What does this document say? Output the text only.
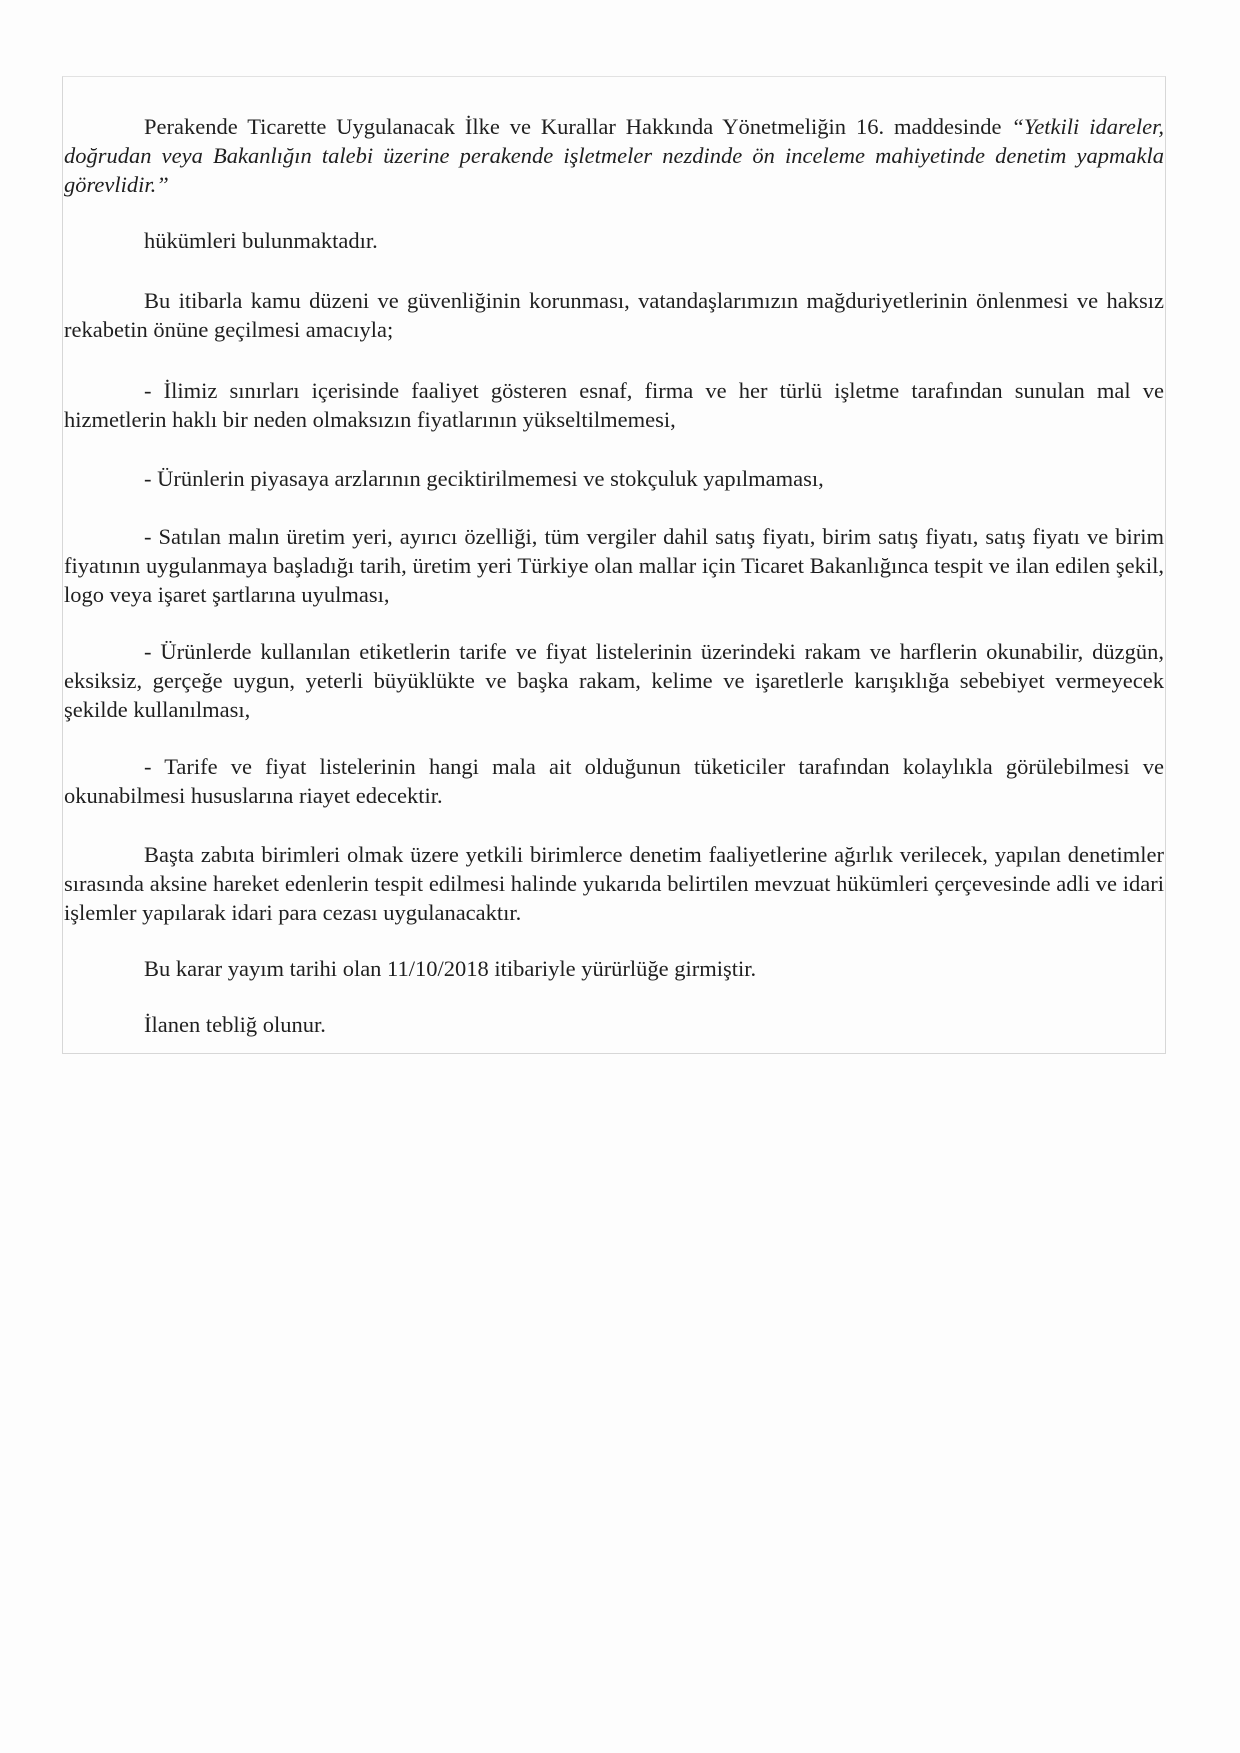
Perakende Ticarette Uygulanacak İlke ve Kurallar Hakkında Yönetmeliğin 16. maddesinde “Yetkili idareler, doğrudan veya Bakanlığın talebi üzerine perakende işletmeler nezdinde ön inceleme mahiyetinde denetim yapmakla görevlidir.”

hükümleri bulunmaktadır.

Bu itibarla kamu düzeni ve güvenliğinin korunması, vatandaşlarımızın mağduriyetlerinin önlenmesi ve haksız rekabetin önüne geçilmesi amacıyla;

- İlimiz sınırları içerisinde faaliyet gösteren esnaf, firma ve her türlü işletme tarafından sunulan mal ve hizmetlerin haklı bir neden olmaksızın fiyatlarının yükseltilmemesi,

- Ürünlerin piyasaya arzlarının geciktirilmemesi ve stokçuluk yapılmaması,

- Satılan malın üretim yeri, ayırıcı özelliği, tüm vergiler dahil satış fiyatı, birim satış fiyatı, satış fiyatı ve birim fiyatının uygulanmaya başladığı tarih, üretim yeri Türkiye olan mallar için Ticaret Bakanlığınca tespit ve ilan edilen şekil, logo veya işaret şartlarına uyulması,

- Ürünlerde kullanılan etiketlerin tarife ve fiyat listelerinin üzerindeki rakam ve harflerin okunabilir, düzgün, eksiksiz, gerçeğe uygun, yeterli büyüklükte ve başka rakam, kelime ve işaretlerle karışıklığa sebebiyet vermeyecek şekilde kullanılması,

- Tarife ve fiyat listelerinin hangi mala ait olduğunun tüketiciler tarafından kolaylıkla görülebilmesi ve okunabilmesi hususlarına riayet edecektir.

Başta zabıta birimleri olmak üzere yetkili birimlerce denetim faaliyetlerine ağırlık verilecek, yapılan denetimler sırasında aksine hareket edenlerin tespit edilmesi halinde yukarıda belirtilen mevzuat hükümleri çerçevesinde adli ve idari işlemler yapılarak idari para cezası uygulanacaktır.

Bu karar yayım tarihi olan 11/10/2018 itibariyle yürürlüğe girmiştir.

İlanen tebliğ olunur.
